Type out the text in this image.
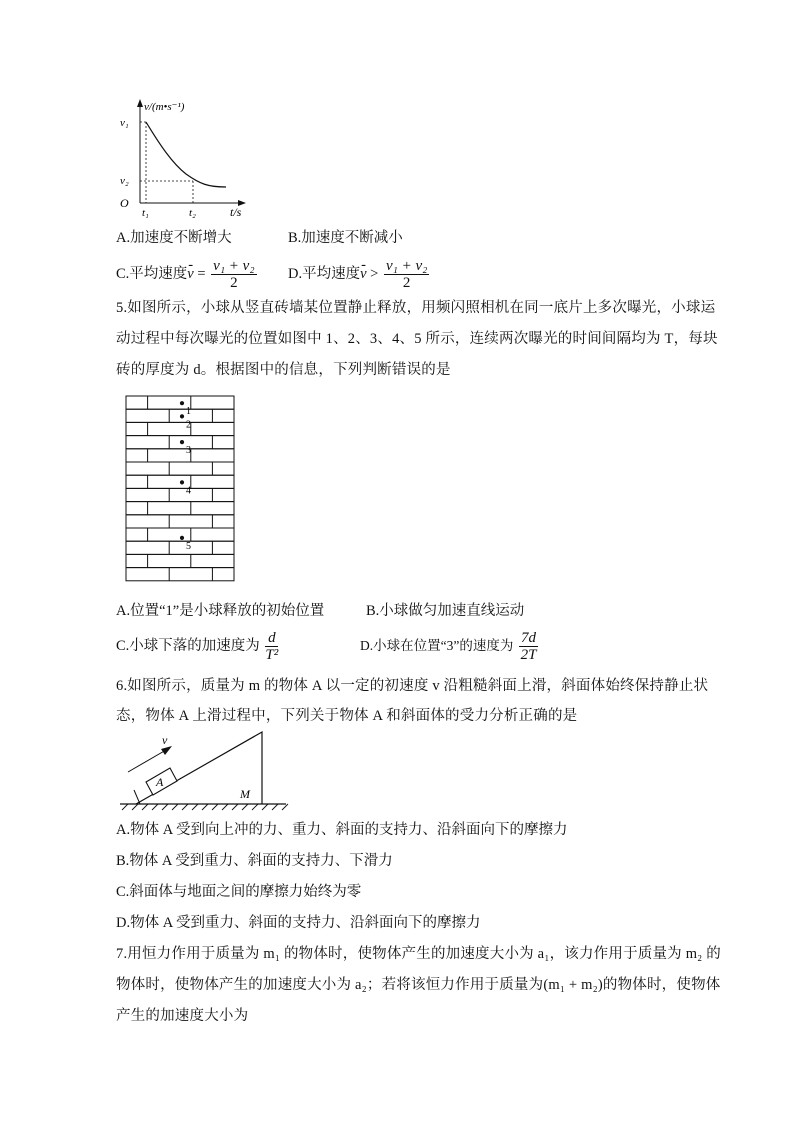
v/(m•s⁻¹)
v₁
v₂
O
t₁	t₂	t/s
A.加速度不断增大	B.加速度不断减小
C.平均速度- $v = \frac{\text{v₁ + v₂}}{2} D$.平均速度- $v > \frac{\text{v₁ + v₂}}{2}$
5.如图所示，小球从竖直砖墙某位置静止释放，用频闪照相机在同一底片上多次曝光，小球运
动过程中每次曝光的位置如图中 1、2、3、4、5 所示，连续两次曝光的时间间隔均为 T，每块
砖的厚度为 d。根据图中的信息，下列判断错误的是
1
2
3
4
5
A.位置“1”是小球释放的初始位置	B.小球做匀加速直线运动
C.小球下落的加速度为 $\frac{d}{\text{T²}}$	D.小球在位置“3”的速度为 $\frac{7d}{2T}$
6.如图所示，质量为 m 的物体 A 以一定的初速度 v 沿粗糙斜面上滑，斜面体始终保持静止状
态，物体 A 上滑过程中，下列关于物体 A 和斜面体的受力分析正确的是
v
A
M
A.物体 A 受到向上冲的力、重力、斜面的支持力、沿斜面向下的摩擦力
B.物体 A 受到重力、斜面的支持力、下滑力
C.斜面体与地面之间的摩擦力始终为零
D.物体 A 受到重力、斜面的支持力、沿斜面向下的摩擦力
7.用恒力作用于质量为 m₁ 的物体时，使物体产生的加速度大小为 a₁，该力作用于质量为 m₂ 的
物体时，使物体产生的加速度大小为 a₂；若将该恒力作用于质量为(m₁ + m₂)的物体时，使物体
产生的加速度大小为
